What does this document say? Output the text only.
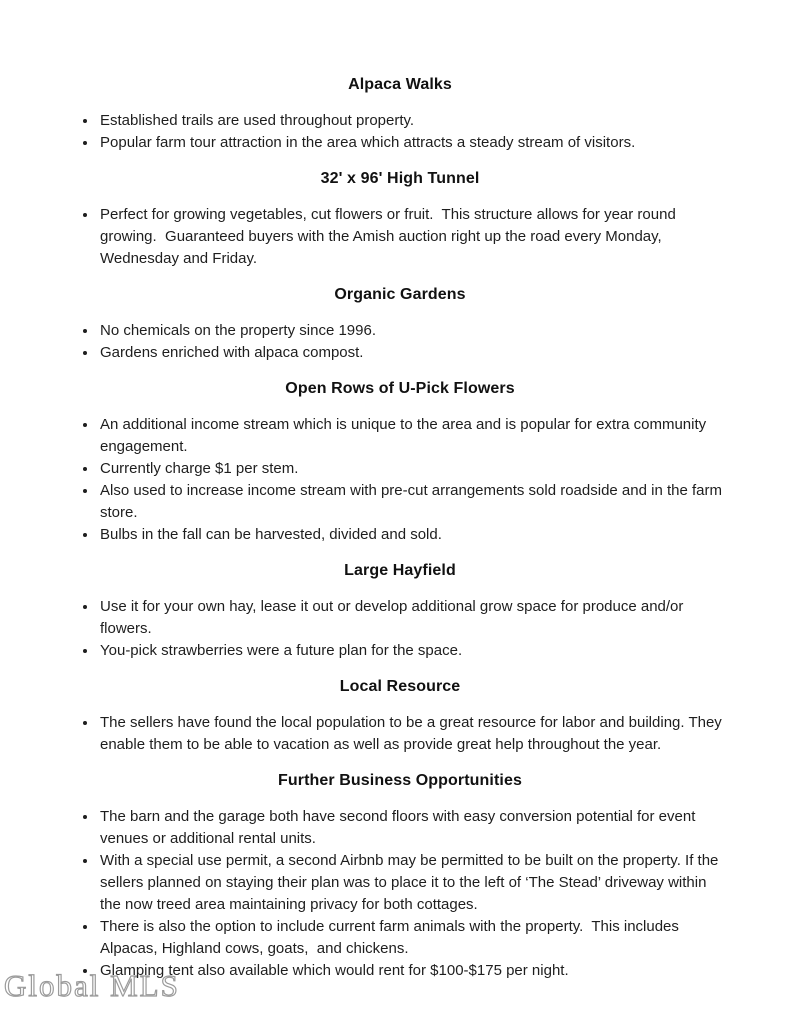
Global MLS
Alpaca Walks
• Established trails are used throughout property.
• Popular farm tour attraction in the area which attracts a steady stream of visitors.
32' x 96' High Tunnel
• Perfect for growing vegetables, cut flowers or fruit.  This structure allows for year round growing.  Guaranteed buyers with the Amish auction right up the road every Monday, Wednesday and Friday.
Organic Gardens
• No chemicals on the property since 1996.
• Gardens enriched with alpaca compost.
Open Rows of U-Pick Flowers
• An additional income stream which is unique to the area and is popular for extra community engagement.
• Currently charge $1 per stem.
• Also used to increase income stream with pre-cut arrangements sold roadside and in the farm store.
• Bulbs in the fall can be harvested, divided and sold.
Large Hayfield
• Use it for your own hay, lease it out or develop additional grow space for produce and/or flowers.
• You-pick strawberries were a future plan for the space.
Local Resource
• The sellers have found the local population to be a great resource for labor and building. They enable them to be able to vacation as well as provide great help throughout the year.
Further Business Opportunities
• The barn and the garage both have second floors with easy conversion potential for event venues or additional rental units.
• With a special use permit, a second Airbnb may be permitted to be built on the property. If the sellers planned on staying their plan was to place it to the left of ‘The Stead’ driveway within the now treed area maintaining privacy for both cottages.
• There is also the option to include current farm animals with the property.  This includes Alpacas, Highland cows, goats,  and chickens.
• Glamping tent also available which would rent for $100-$175 per night.
